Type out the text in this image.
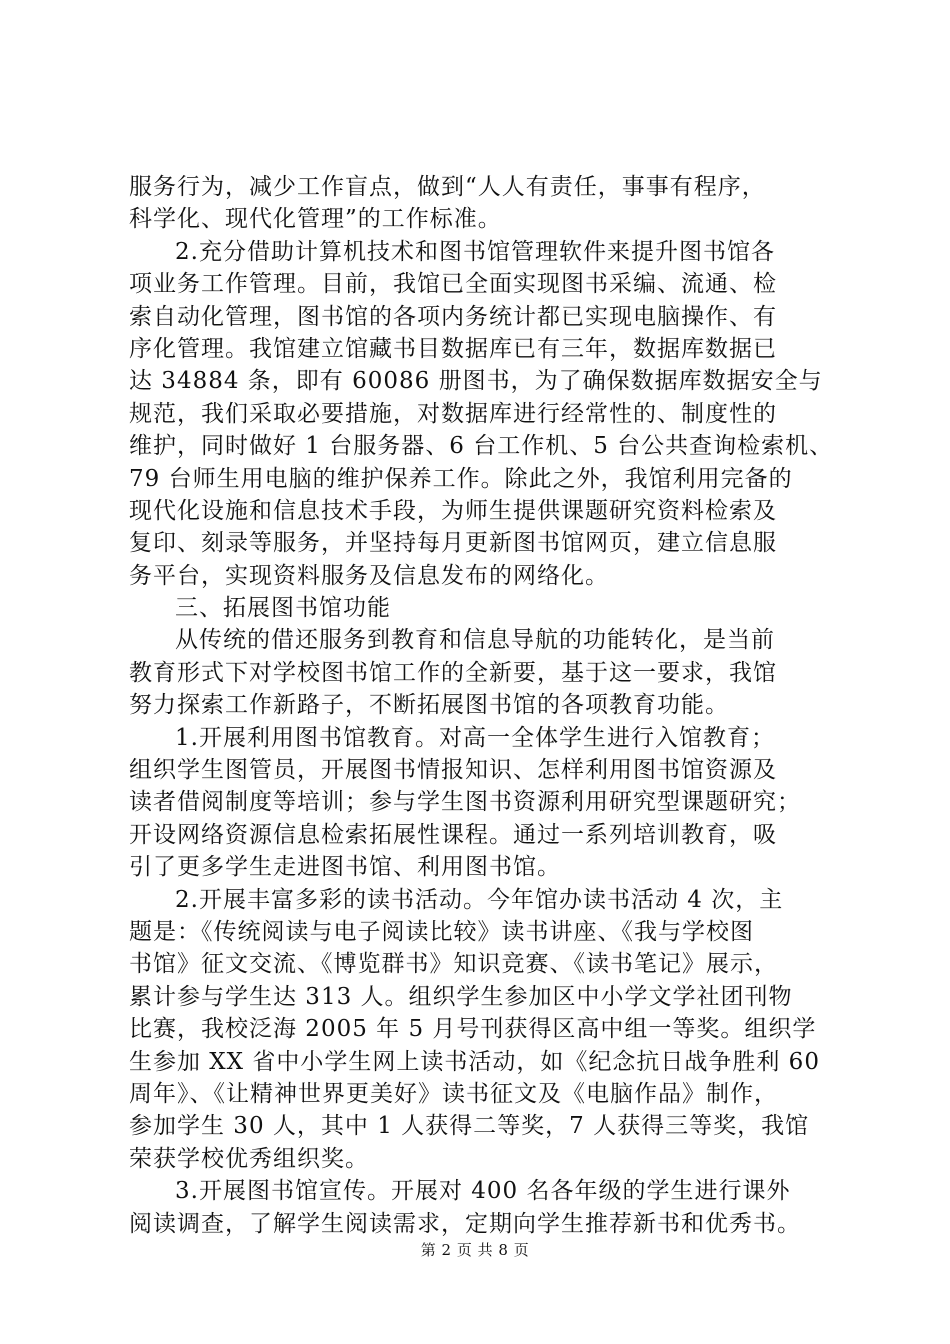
服务行为，减少工作盲点，做到“人人有责任，事事有程序，
科学化、现代化管理”的工作标准。
2.充分借助计算机技术和图书馆管理软件来提升图书馆各
项业务工作管理。目前，我馆已全面实现图书采编、流通、检
索自动化管理，图书馆的各项内务统计都已实现电脑操作、有
序化管理。我馆建立馆藏书目数据库已有三年，数据库数据已
达 34884 条，即有 60086 册图书，为了确保数据库数据安全与
规范，我们采取必要措施，对数据库进行经常性的、制度性的
维护，同时做好 1 台服务器、6 台工作机、5 台公共查询检索机、
79 台师生用电脑的维护保养工作。除此之外，我馆利用完备的
现代化设施和信息技术手段，为师生提供课题研究资料检索及
复印、刻录等服务，并坚持每月更新图书馆网页，建立信息服
务平台，实现资料服务及信息发布的网络化。
三、拓展图书馆功能
从传统的借还服务到教育和信息导航的功能转化，是当前
教育形式下对学校图书馆工作的全新要，基于这一要求，我馆
努力探索工作新路子，不断拓展图书馆的各项教育功能。
1.开展利用图书馆教育。对高一全体学生进行入馆教育；
组织学生图管员，开展图书情报知识、怎样利用图书馆资源及
读者借阅制度等培训；参与学生图书资源利用研究型课题研究；
开设网络资源信息检索拓展性课程。通过一系列培训教育，吸
引了更多学生走进图书馆、利用图书馆。
2.开展丰富多彩的读书活动。今年馆办读书活动 4 次，主
题是：《传统阅读与电子阅读比较》读书讲座、《我与学校图
书馆》征文交流、《博览群书》知识竞赛、《读书笔记》展示，
累计参与学生达 313 人。组织学生参加区中小学文学社团刊物
比赛，我校泛海 2005 年 5 月号刊获得区高中组一等奖。组织学
生参加 XX 省中小学生网上读书活动，如《纪念抗日战争胜利 60
周年》、《让精神世界更美好》读书征文及《电脑作品》制作，
参加学生 30 人，其中 1 人获得二等奖，7 人获得三等奖，我馆
荣获学校优秀组织奖。
3.开展图书馆宣传。开展对 400 名各年级的学生进行课外
阅读调查，了解学生阅读需求，定期向学生推荐新书和优秀书。
第 2 页 共 8 页
